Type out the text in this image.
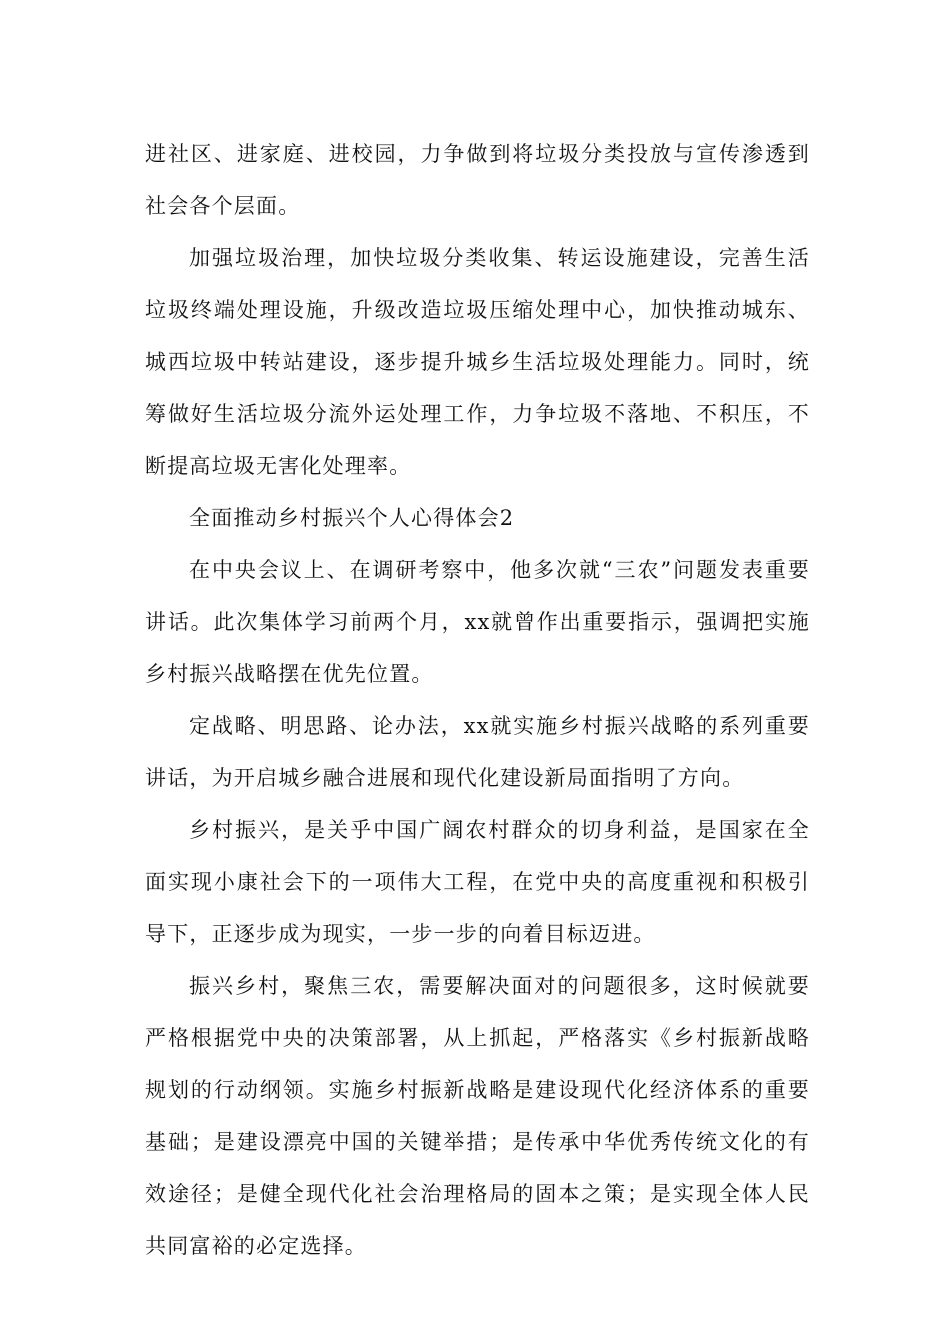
进社区、进家庭、进校园，力争做到将垃圾分类投放与宣传渗透到社会各个层面。

加强垃圾治理，加快垃圾分类收集、转运设施建设，完善生活垃圾终端处理设施，升级改造垃圾压缩处理中心，加快推动城东、城西垃圾中转站建设，逐步提升城乡生活垃圾处理能力。同时，统筹做好生活垃圾分流外运处理工作，力争垃圾不落地、不积压，不断提高垃圾无害化处理率。

全面推动乡村振兴个人心得体会2

在中央会议上、在调研考察中，他多次就“三农”问题发表重要讲话。此次集体学习前两个月，xx就曾作出重要指示，强调把实施乡村振兴战略摆在优先位置。

定战略、明思路、论办法，xx就实施乡村振兴战略的系列重要讲话，为开启城乡融合进展和现代化建设新局面指明了方向。

乡村振兴，是关乎中国广阔农村群众的切身利益，是国家在全面实现小康社会下的一项伟大工程，在党中央的高度重视和积极引导下，正逐步成为现实，一步一步的向着目标迈进。

振兴乡村，聚焦三农，需要解决面对的问题很多，这时候就要严格根据党中央的决策部署，从上抓起，严格落实《乡村振新战略规划的行动纲领。实施乡村振新战略是建设现代化经济体系的重要基础；是建设漂亮中国的关键举措；是传承中华优秀传统文化的有效途径；是健全现代化社会治理格局的固本之策；是实现全体人民共同富裕的必定选择。
